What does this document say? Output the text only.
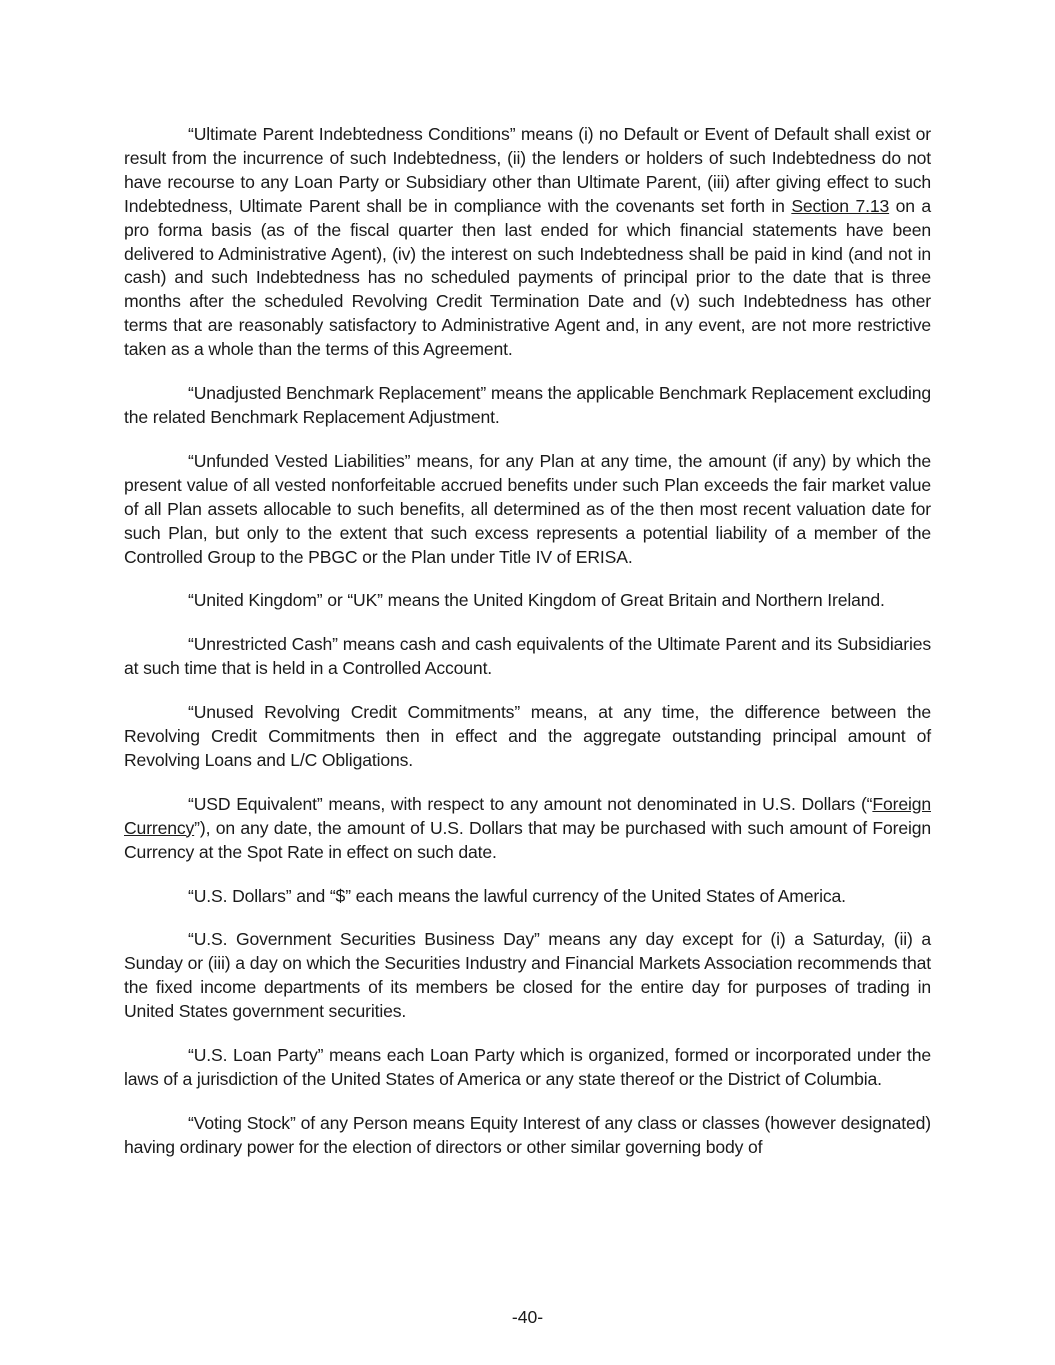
“Ultimate Parent Indebtedness Conditions” means (i) no Default or Event of Default shall exist or result from the incurrence of such Indebtedness, (ii) the lenders or holders of such Indebtedness do not have recourse to any Loan Party or Subsidiary other than Ultimate Parent, (iii) after giving effect to such Indebtedness, Ultimate Parent shall be in compliance with the covenants set forth in Section 7.13 on a pro forma basis (as of the fiscal quarter then last ended for which financial statements have been delivered to Administrative Agent), (iv) the interest on such Indebtedness shall be paid in kind (and not in cash) and such Indebtedness has no scheduled payments of principal prior to the date that is three months after the scheduled Revolving Credit Termination Date and (v) such Indebtedness has other terms that are reasonably satisfactory to Administrative Agent and, in any event, are not more restrictive taken as a whole than the terms of this Agreement.

“Unadjusted Benchmark Replacement” means the applicable Benchmark Replacement excluding the related Benchmark Replacement Adjustment.

“Unfunded Vested Liabilities” means, for any Plan at any time, the amount (if any) by which the present value of all vested nonforfeitable accrued benefits under such Plan exceeds the fair market value of all Plan assets allocable to such benefits, all determined as of the then most recent valuation date for such Plan, but only to the extent that such excess represents a potential liability of a member of the Controlled Group to the PBGC or the Plan under Title IV of ERISA.

“United Kingdom” or “UK” means the United Kingdom of Great Britain and Northern Ireland.

“Unrestricted Cash” means cash and cash equivalents of the Ultimate Parent and its Subsidiaries at such time that is held in a Controlled Account.

“Unused Revolving Credit Commitments” means, at any time, the difference between the Revolving Credit Commitments then in effect and the aggregate outstanding principal amount of Revolving Loans and L/C Obligations.

“USD Equivalent” means, with respect to any amount not denominated in U.S. Dollars (“Foreign Currency”), on any date, the amount of U.S. Dollars that may be purchased with such amount of Foreign Currency at the Spot Rate in effect on such date.

“U.S. Dollars” and “$” each means the lawful currency of the United States of America.

“U.S. Government Securities Business Day” means any day except for (i) a Saturday, (ii) a Sunday or (iii) a day on which the Securities Industry and Financial Markets Association recommends that the fixed income departments of its members be closed for the entire day for purposes of trading in United States government securities.

“U.S. Loan Party” means each Loan Party which is organized, formed or incorporated under the laws of a jurisdiction of the United States of America or any state thereof or the District of Columbia.

“Voting Stock” of any Person means Equity Interest of any class or classes (however designated) having ordinary power for the election of directors or other similar governing body of

-40-
